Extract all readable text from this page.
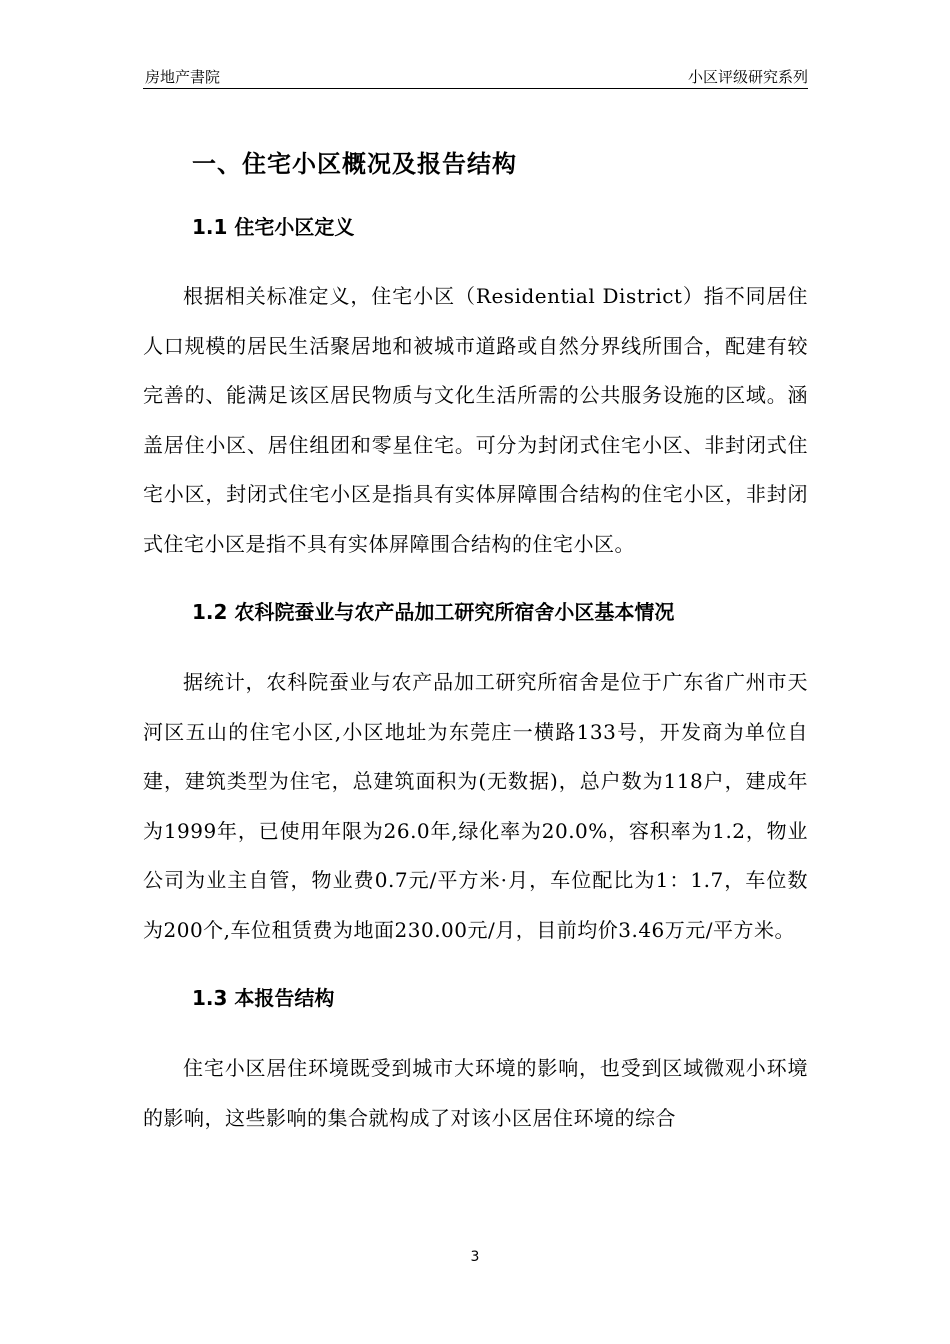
房地产書院	小区评级研究系列
一、住宅小区概况及报告结构
1.1 住宅小区定义

根据相关标准定义，住宅小区（Residential District）指不同居住人口规模的居民生活聚居地和被城市道路或自然分界线所围合，配建有较完善的、能满足该区居民物质与文化生活所需的公共服务设施的区域。涵盖居住小区、居住组团和零星住宅。可分为封闭式住宅小区、非封闭式住宅小区，封闭式住宅小区是指具有实体屏障围合结构的住宅小区，非封闭式住宅小区是指不具有实体屏障围合结构的住宅小区。

1.2 农科院蚕业与农产品加工研究所宿舍小区基本情况

据统计，农科院蚕业与农产品加工研究所宿舍是位于广东省广州市天河区五山的住宅小区,小区地址为东莞庄一横路133号，开发商为单位自建，建筑类型为住宅，总建筑面积为(无数据)，总户数为118户，建成年为1999年，已使用年限为26.0年,绿化率为20.0%，容积率为1.2，物业公司为业主自管，物业费0.7元/平方米·月，车位配比为1：1.7，车位数为200个,车位租赁费为地面230.00元/月，目前均价3.46万元/平方米。

1.3 本报告结构

住宅小区居住环境既受到城市大环境的影响，也受到区域微观小环境的影响，这些影响的集合就构成了对该小区居住环境的综合

3
